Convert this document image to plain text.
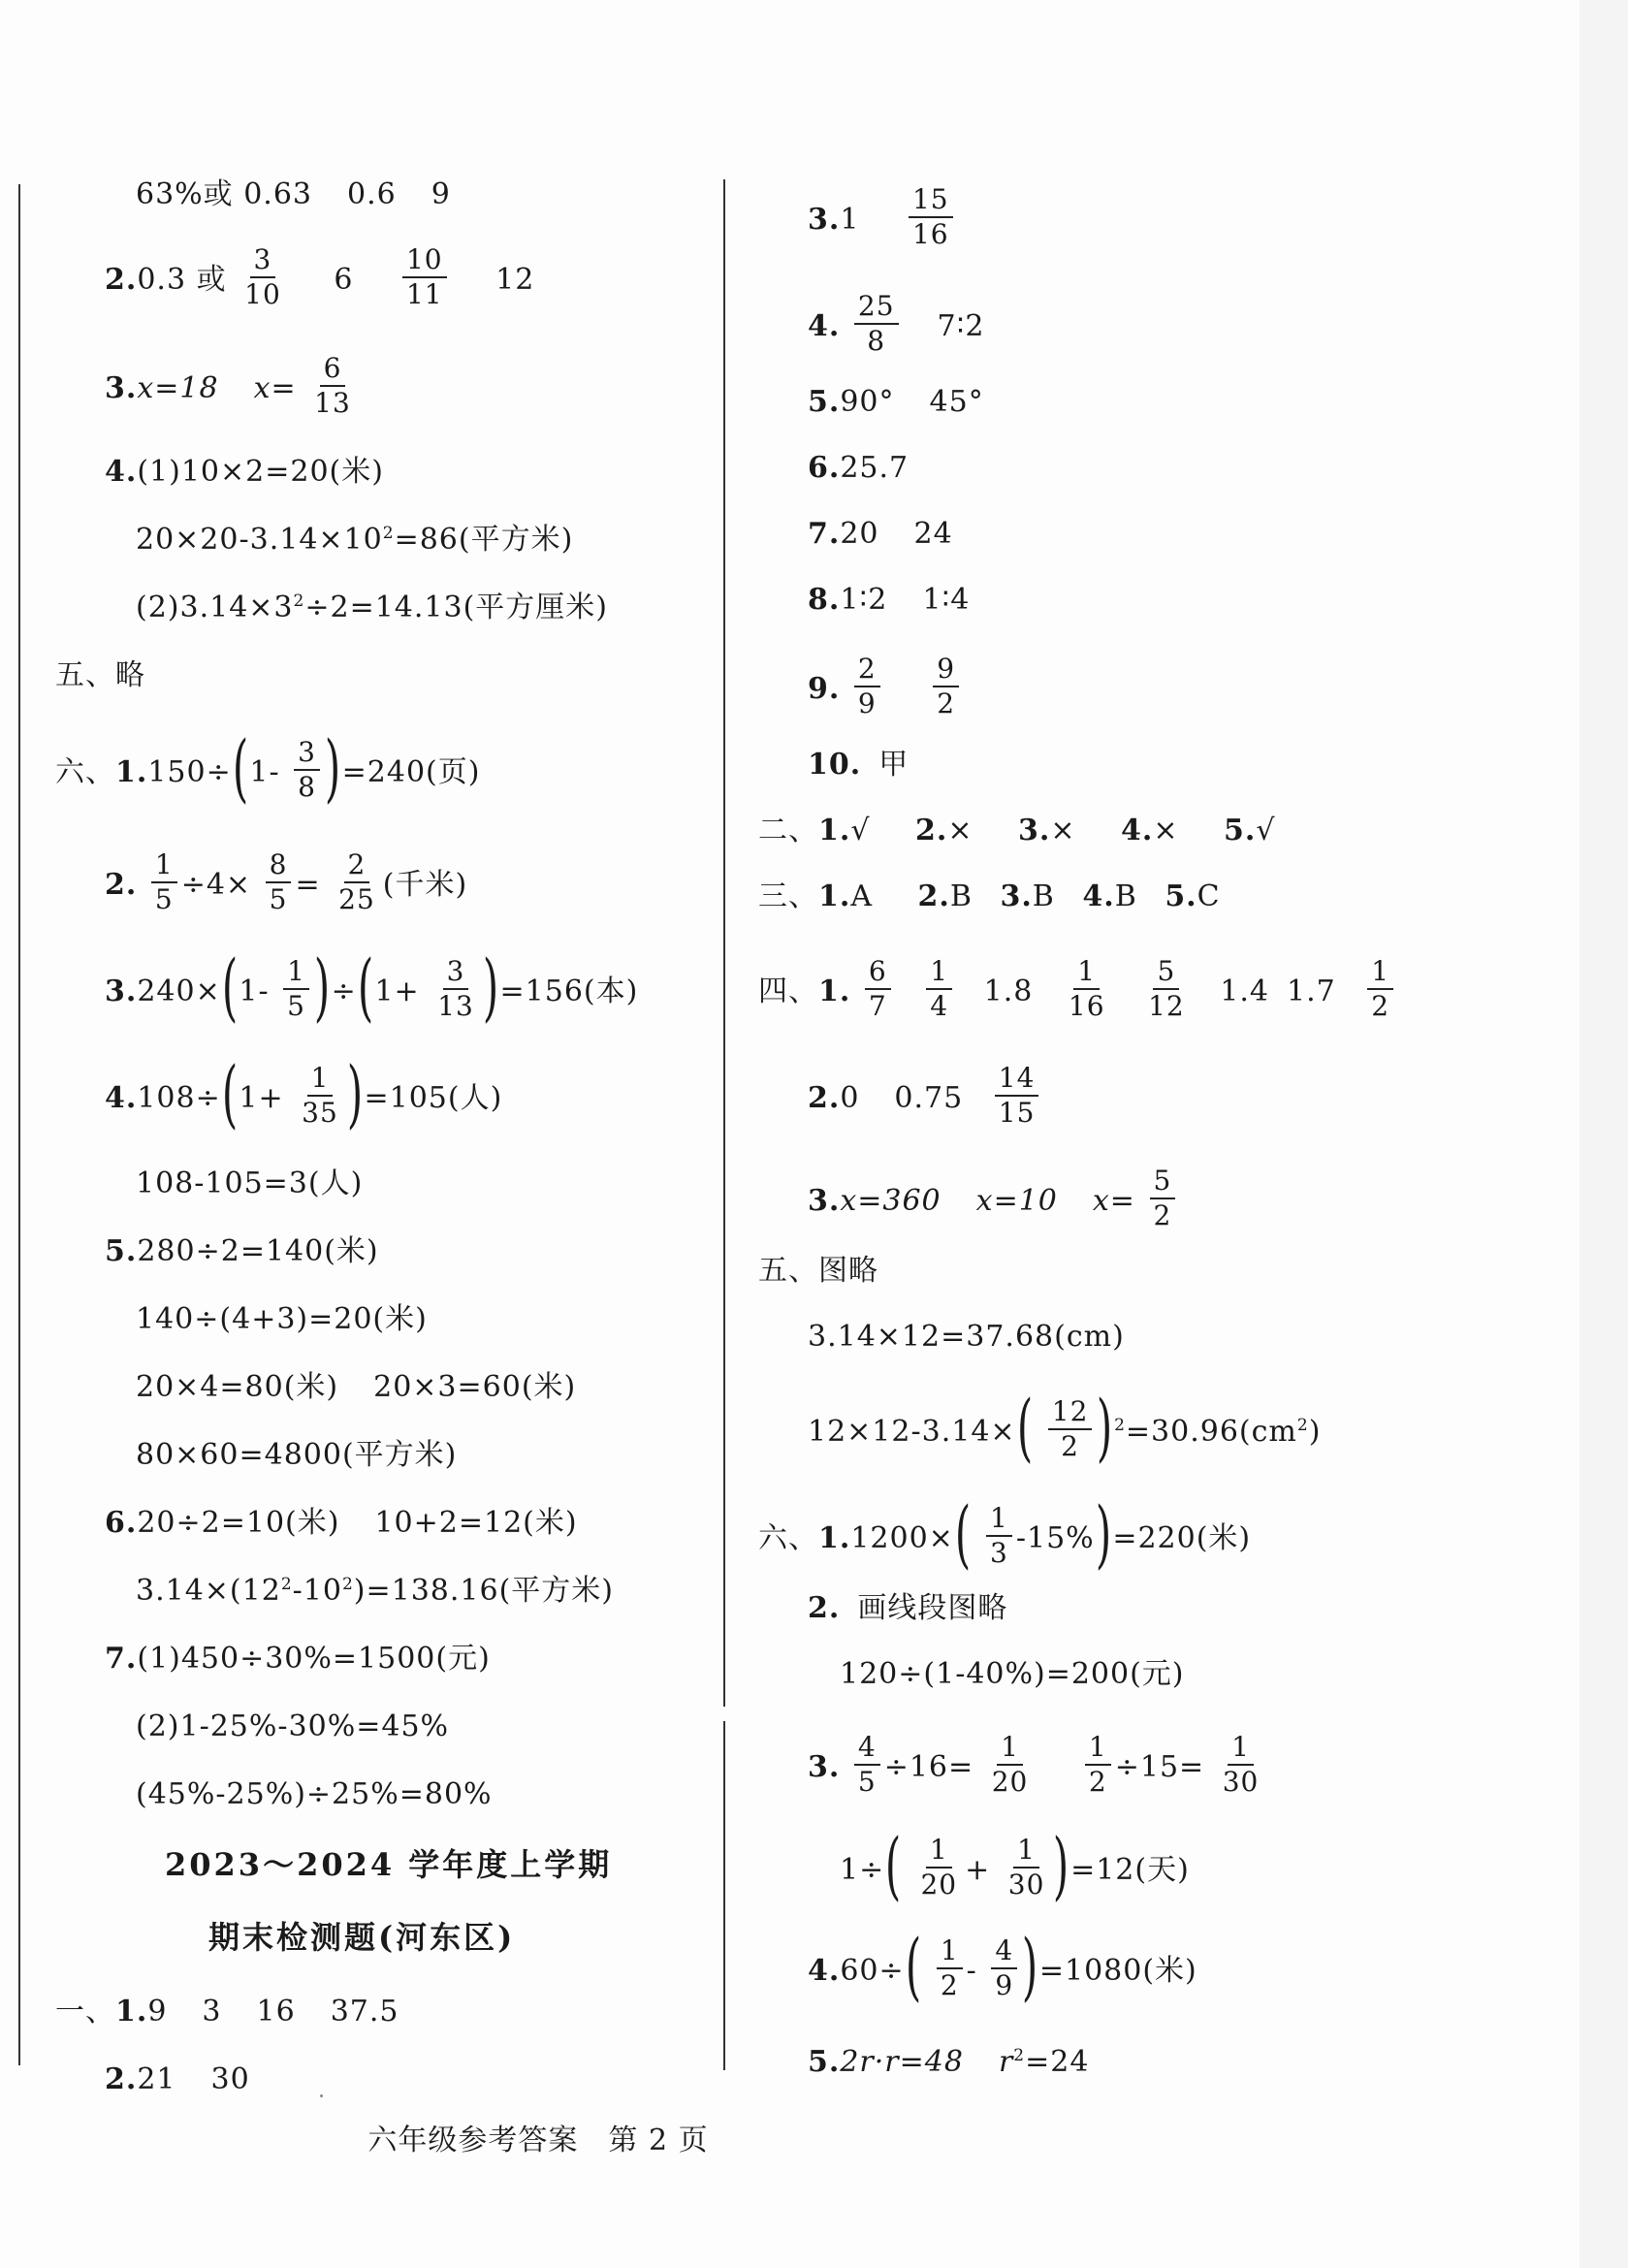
63%或 0.63 0.6 9
2.0.3 或 $\frac{3}{10} 6 \frac{10}{11} 12$
3.x=18 $x= \frac{6}{13}$
4.(1)10×2=20(米)
$20\times 20-3.14\times 10^2=86$(平方米)
$(2)3.14\times 3^2\div 2=14.13$(平方厘米)
五、略
六、$1.150\div(1- \frac{3}{8} )=240$(页)
2. $\frac{1}{5} \div 4\times \frac{8}{5} = \frac{2}{25}$ (千米)
$3.240\times(1- \frac{1}{5} )\div(1+ \frac{3}{13} )=156$(本)
$4.108\div(1+ \frac{1}{35} )=105$(人)
108-105=3(人)
5.280÷2=140(米)
140÷(4+3)=20(米)
20×4=80(米) 20×3=60(米)
80×60=4800(平方米)
6.20÷2=10(米) 10+2=12(米)
$3.14\times(12^2-10^2)=138.16$(平方米)
7.(1)450÷30%=1500(元)
(2)1-25%-30%=45%
(45%-25%)÷25%=80%
2023～2024 学年度上学期
期末检测题(河东区)
一、1.9 3 16 37.5
2.21 30
$3.1 \frac{15}{16}$
4. $\frac{25}{8}$ 7∶2
5.90° 45°
6.25.7
7.20 24
8.1∶2 1∶4
9. $\frac{2}{9}$
$\frac{9}{2}$
10. 甲
二、1.√ 2.× 3.× 4.× 5.√
三、1.A 2.B 3.B 4.B 5.C
四、1. $\frac{6}{7}$
$\frac{1}{4} 1.8 \frac{1}{16}$
$\frac{5}{12} 1.4$ $1.7 \frac{1}{2}$
2.0 $0.75 \frac{14}{15}$
3.x=360 x=10 $x= \frac{5}{2}$
五、图略
3.14×12=37.68(cm)
$12\times 12-3.14\times( \frac{12}{2} )^2=30.96(cm^2)$
六、$1.1200\times( \frac{1}{3} -15\%)=220$(米)
2. 画线段图略
120÷(1-40%)=200(元)
3. $\frac{4}{5} \div 16= \frac{1}{20}$
$\frac{1}{2} \div 15= \frac{1}{30}$
$1\div( \frac{1}{20} + \frac{1}{30} )=12$(天)
$4.60\div( \frac{1}{2} - \frac{4}{9} )=1080$(米)
5.2r·r=48 $r^2=24$
六年级参考答案　第 2 页
